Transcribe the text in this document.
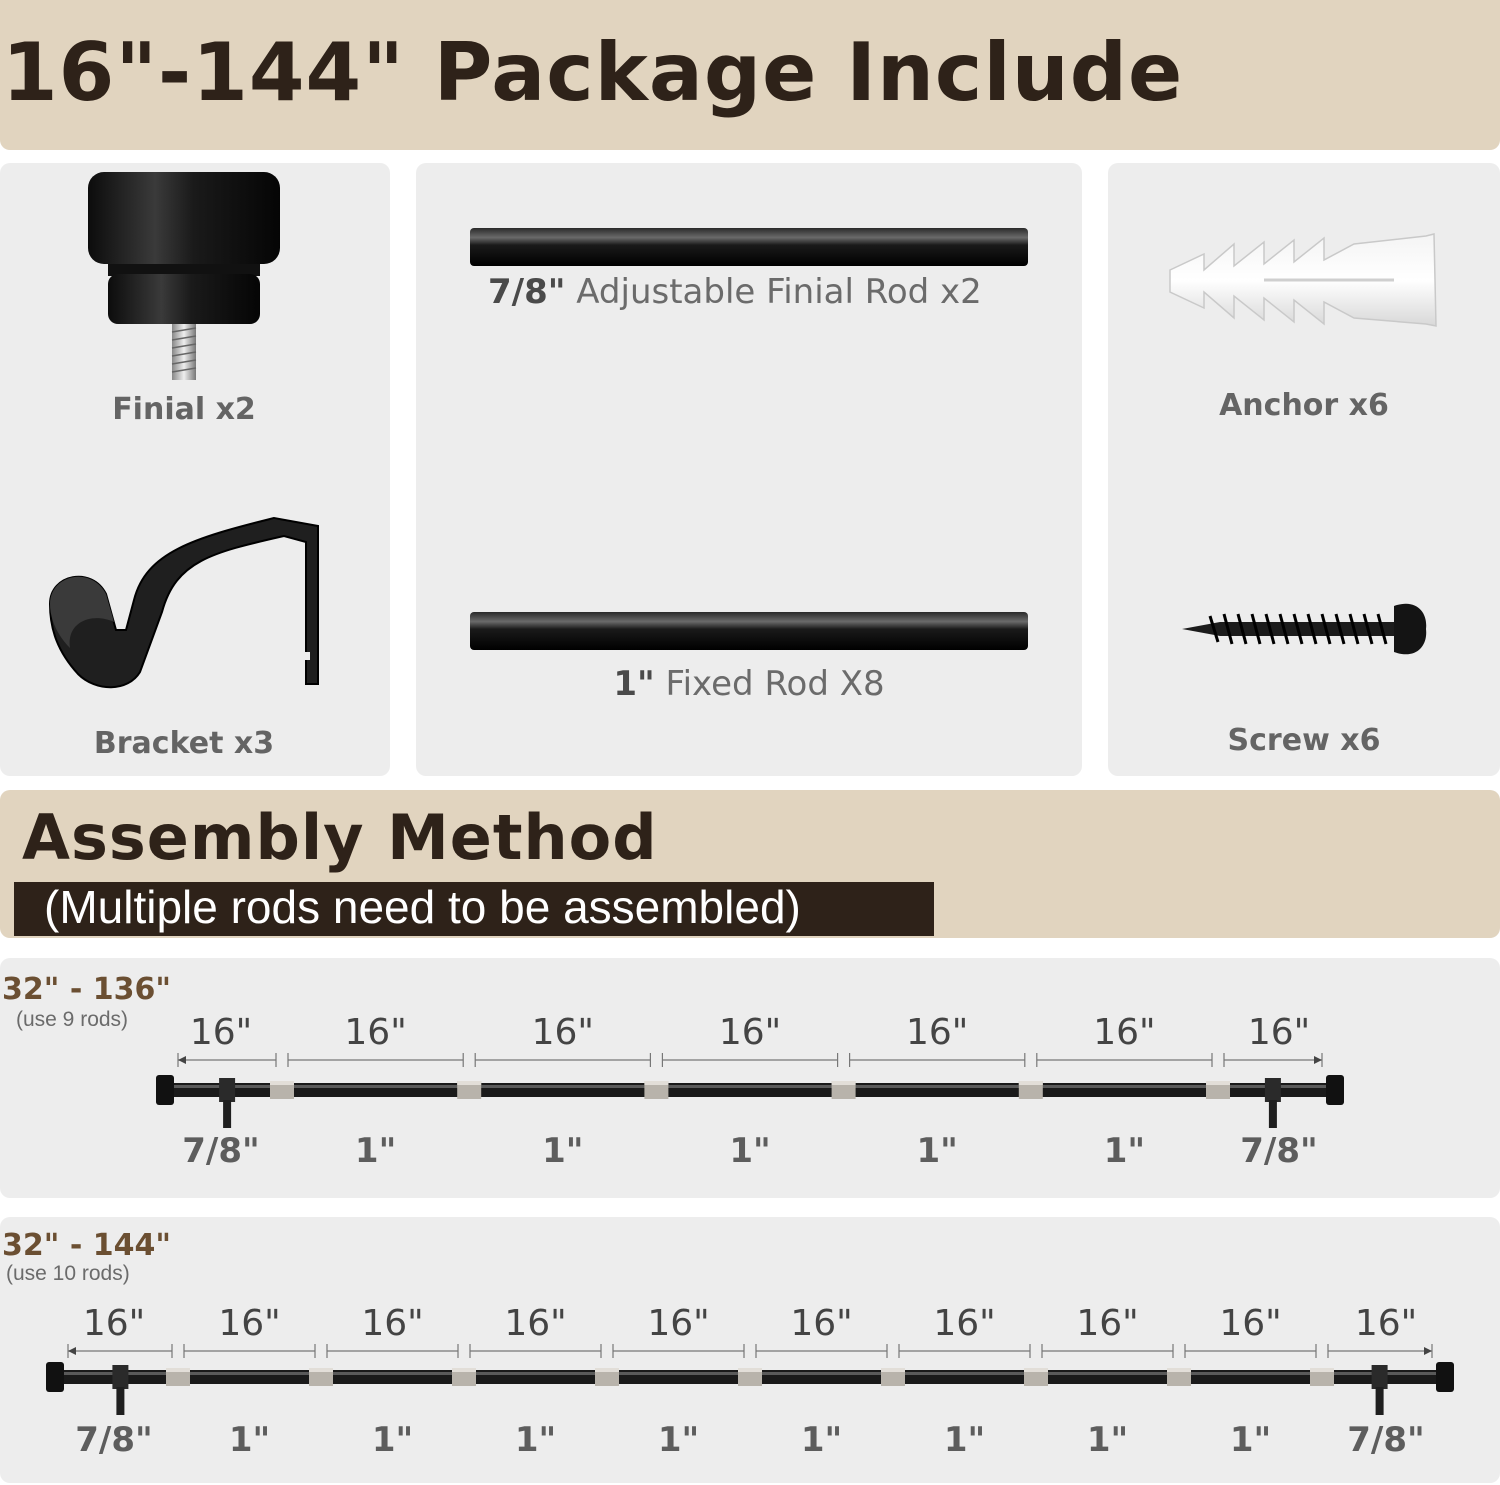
16"-144" Package Include
Finial x2
Bracket x3
7/8" Adjustable Finial Rod x2
1" Fixed Rod X8
Anchor x6
Screw x6
Assembly Method
(Multiple rods need to be assembled)
32" - 136"
(use 9 rods) 16"
7/8"
16"
1"
16"
1"
16"
1"
16"
1"
16"
1"
16"
7/8"
32" - 144"
(use 10 rods)
16"
7/8"
16"
1"
16"
1"
16"
1"
16"
1"
16"
1"
16"
1"
16"
1"
16"
1"
16"
7/8"
